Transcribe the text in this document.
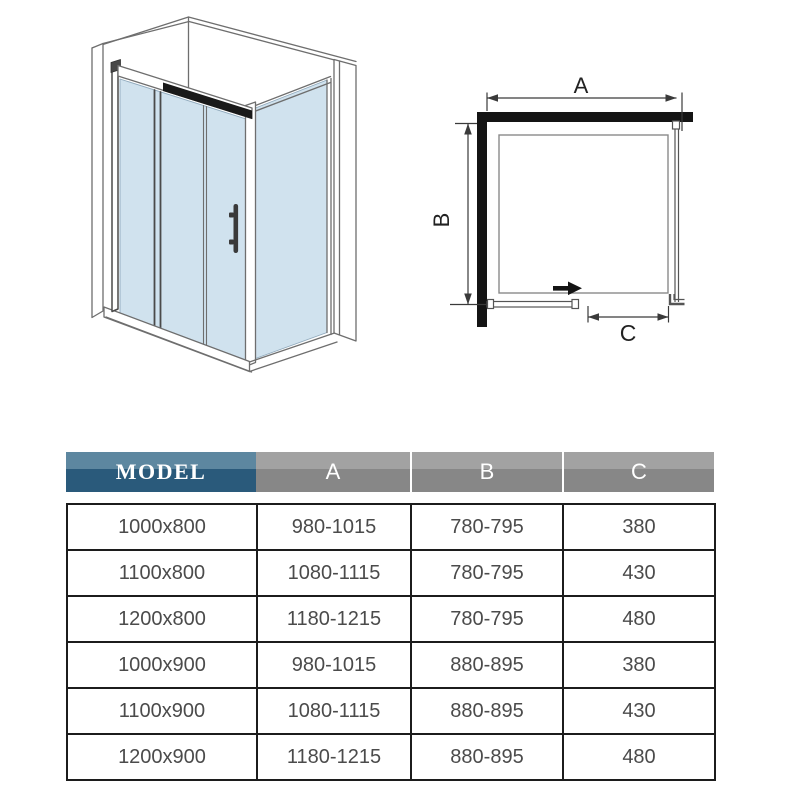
A
B
C
MODEL	A	B	C
1000x800	980-1015	780-795	380
1100x800	1080-1115	780-795	430
1200x800	1180-1215	780-795	480
1000x900	980-1015	880-895	380
1100x900	1080-1115	880-895	430
1200x900	1180-1215	880-895	480
